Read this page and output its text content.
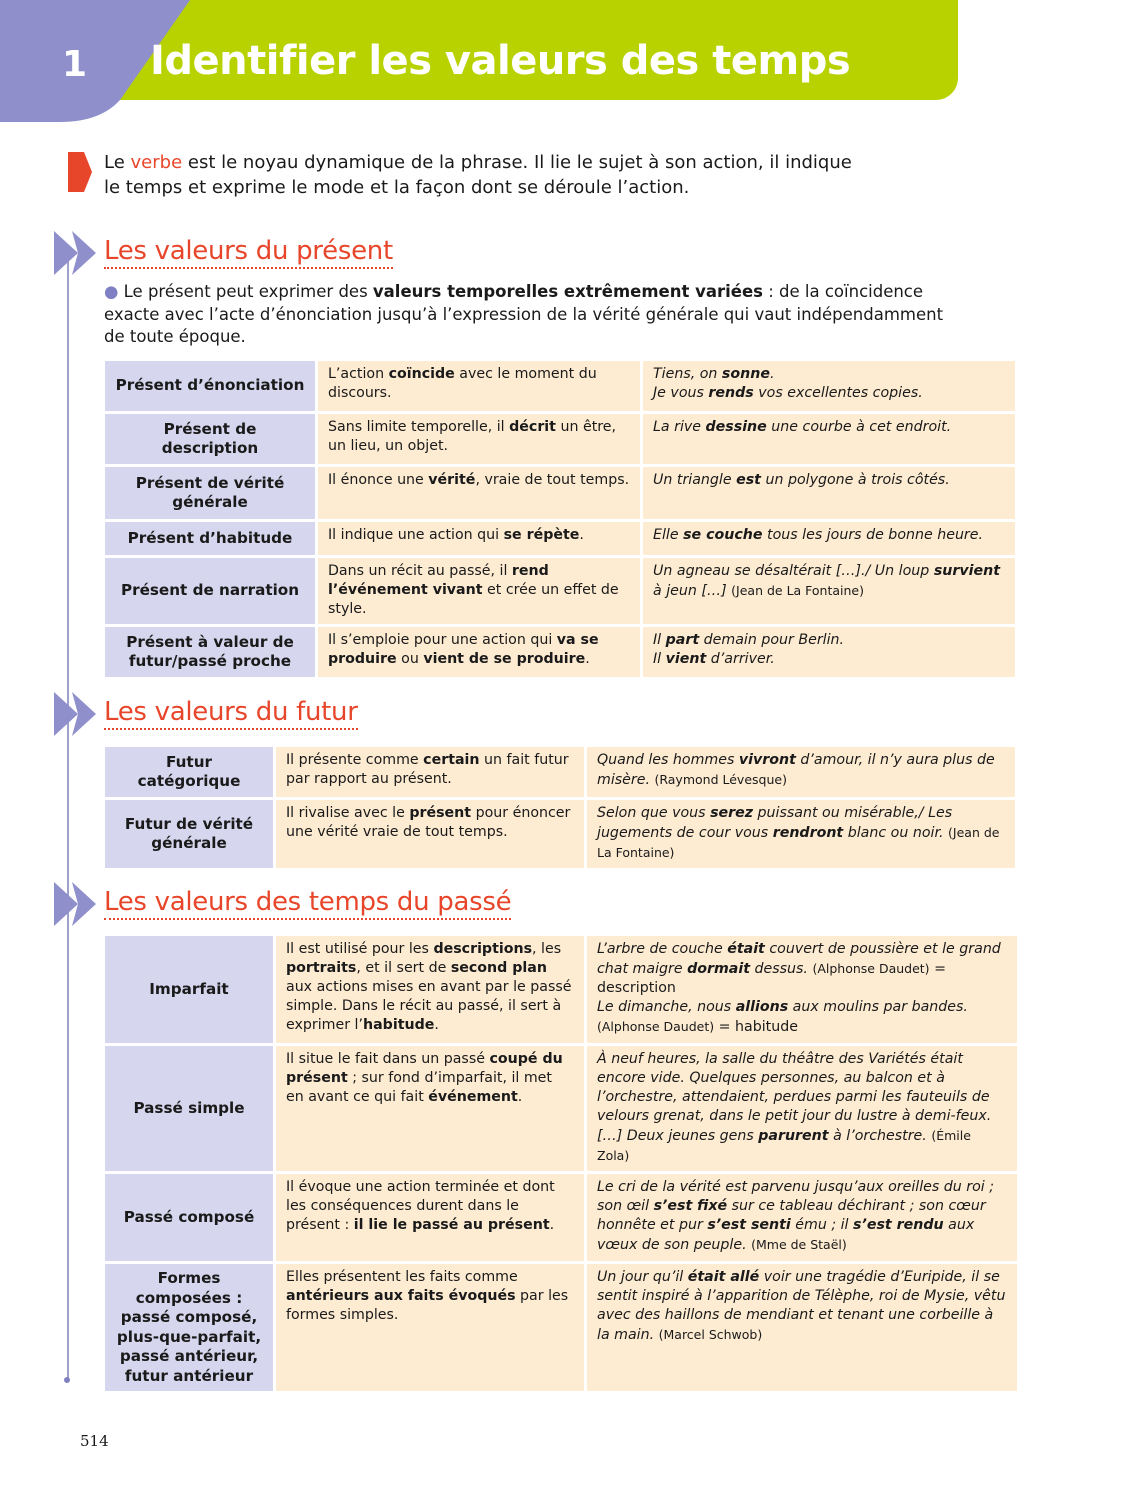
1 Identifier les valeurs des temps
Le verbe est le noyau dynamique de la phrase. Il lie le sujet à son action, il indique le temps et exprime le mode et la façon dont se déroule l’action.
Les valeurs du présent
● Le présent peut exprimer des valeurs temporelles extrêmement variées : de la coïncidence exacte avec l’acte d’énonciation jusqu’à l’expression de la vérité générale qui vaut indépendamment de toute époque.
Présent d’énonciation	L’action coïncide avec le moment du discours.	Tiens, on sonne.
Je vous rends vos excellentes copies.
Présent de description	Sans limite temporelle, il décrit un être, un lieu, un objet.	La rive dessine une courbe à cet endroit.
Présent de vérité générale	Il énonce une vérité, vraie de tout temps.	Un triangle est un polygone à trois côtés.
Présent d’habitude	Il indique une action qui se répète.	Elle se couche tous les jours de bonne heure.
Présent de narration	Dans un récit au passé, il rend l’événement vivant et crée un effet de style.	Un agneau se désaltérait […]./ Un loup survient à jeun […] (Jean de La Fontaine)
Présent à valeur de futur/passé proche	Il s’emploie pour une action qui va se produire ou vient de se produire.	Il part demain pour Berlin.
Il vient d’arriver.
Les valeurs du futur
Futur catégorique	Il présente comme certain un fait futur par rapport au présent.	Quand les hommes vivront d’amour, il n’y aura plus de misère. (Raymond Lévesque)
Futur de vérité générale	Il rivalise avec le présent pour énoncer une vérité vraie de tout temps.	Selon que vous serez puissant ou misérable,/ Les jugements de cour vous rendront blanc ou noir. (Jean de La Fontaine)
Les valeurs des temps du passé
Imparfait	Il est utilisé pour les descriptions, les portraits, et il sert de second plan aux actions mises en avant par le passé simple. Dans le récit au passé, il sert à exprimer l’habitude.	L’arbre de couche était couvert de poussière et le grand chat maigre dormait dessus. (Alphonse Daudet) = description
Le dimanche, nous allions aux moulins par bandes. (Alphonse Daudet) = habitude
Passé simple	Il situe le fait dans un passé coupé du présent ; sur fond d’imparfait, il met en avant ce qui fait événement.	À neuf heures, la salle du théâtre des Variétés était encore vide. Quelques personnes, au balcon et à l’orchestre, attendaient, perdues parmi les fauteuils de velours grenat, dans le petit jour du lustre à demi-feux. […] Deux jeunes gens parurent à l’orchestre. (Émile Zola)
Passé composé	Il évoque une action terminée et dont les conséquences durent dans le présent : il lie le passé au présent.	Le cri de la vérité est parvenu jusqu’aux oreilles du roi ; son œil s’est fixé sur ce tableau déchirant ; son cœur honnête et pur s’est senti ému ; il s’est rendu aux vœux de son peuple. (Mme de Staël)
Formes composées : passé composé, plus-que-parfait, passé antérieur, futur antérieur	Elles présentent les faits comme antérieurs aux faits évoqués par les formes simples.	Un jour qu’il était allé voir une tragédie d’Euripide, il se sentit inspiré à l’apparition de Télèphe, roi de Mysie, vêtu avec des haillons de mendiant et tenant une corbeille à la main. (Marcel Schwob)
514
